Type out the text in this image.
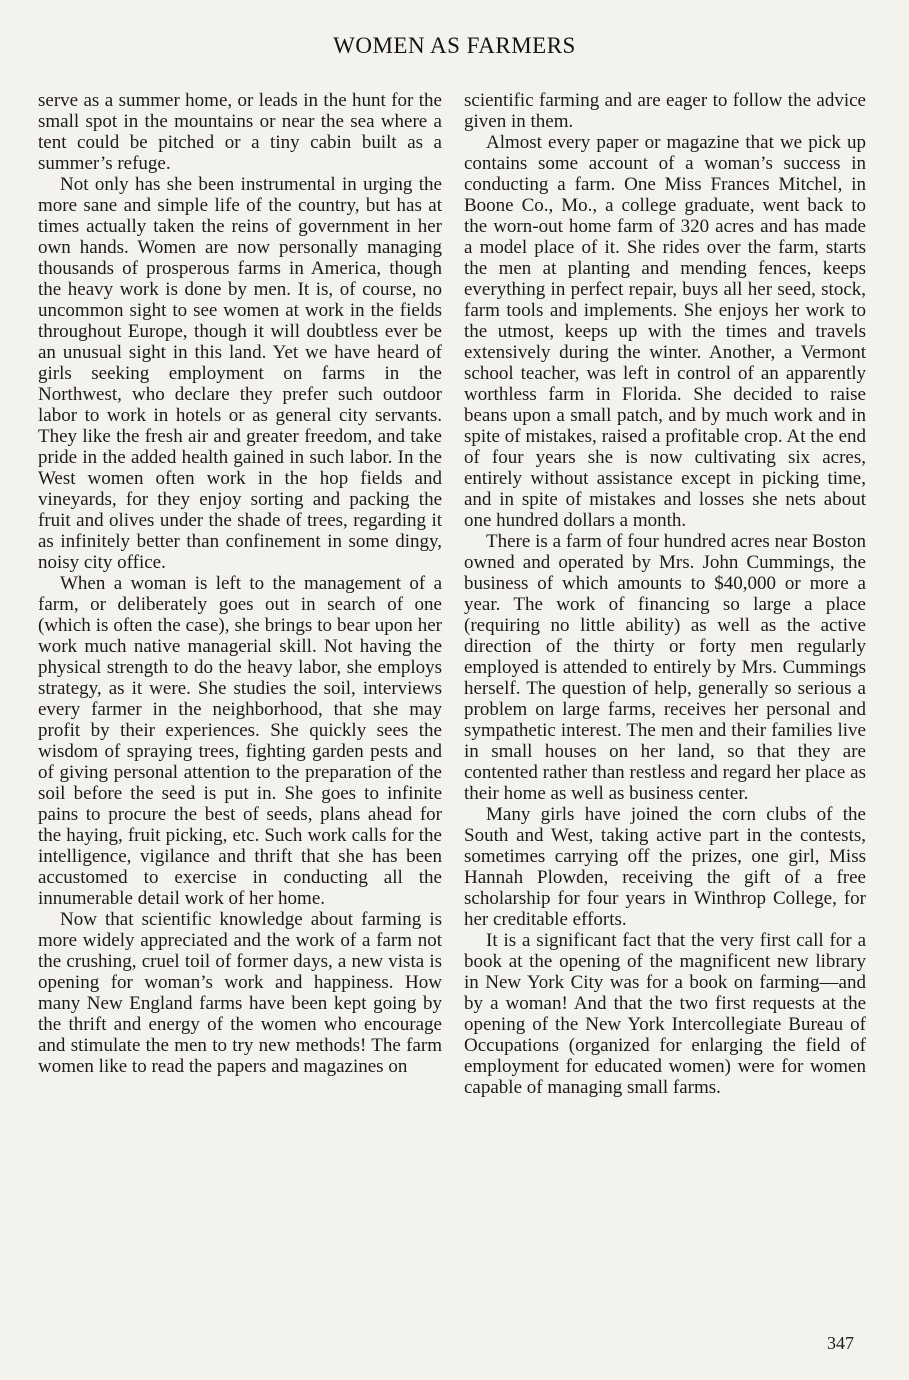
WOMEN AS FARMERS

serve as a summer home, or leads in the hunt for the small spot in the mountains or near the sea where a tent could be pitched or a tiny cabin built as a summer’s refuge.

Not only has she been instrumental in urging the more sane and simple life of the country, but has at times actually taken the reins of government in her own hands. Women are now personally managing thousands of prosperous farms in America, though the heavy work is done by men. It is, of course, no uncommon sight to see women at work in the fields throughout Europe, though it will doubtless ever be an unusual sight in this land. Yet we have heard of girls seeking employment on farms in the Northwest, who declare they prefer such outdoor labor to work in hotels or as general city servants. They like the fresh air and greater freedom, and take pride in the added health gained in such labor. In the West women often work in the hop fields and vineyards, for they enjoy sorting and packing the fruit and olives under the shade of trees, regarding it as infinitely better than confinement in some dingy, noisy city office.

When a woman is left to the management of a farm, or deliberately goes out in search of one (which is often the case), she brings to bear upon her work much native managerial skill. Not having the physical strength to do the heavy labor, she employs strategy, as it were. She studies the soil, interviews every farmer in the neighborhood, that she may profit by their experiences. She quickly sees the wisdom of spraying trees, fighting garden pests and of giving personal attention to the preparation of the soil before the seed is put in. She goes to infinite pains to procure the best of seeds, plans ahead for the haying, fruit picking, etc. Such work calls for the intelligence, vigilance and thrift that she has been accustomed to exercise in conducting all the innumerable detail work of her home.

Now that scientific knowledge about farming is more widely appreciated and the work of a farm not the crushing, cruel toil of former days, a new vista is opening for woman’s work and happiness. How many New England farms have been kept going by the thrift and energy of the women who encourage and stimulate the men to try new methods! The farm women like to read the papers and magazines on

scientific farming and are eager to follow the advice given in them.

Almost every paper or magazine that we pick up contains some account of a woman’s success in conducting a farm. One Miss Frances Mitchel, in Boone Co., Mo., a college graduate, went back to the worn-out home farm of 320 acres and has made a model place of it. She rides over the farm, starts the men at planting and mending fences, keeps everything in perfect repair, buys all her seed, stock, farm tools and implements. She enjoys her work to the utmost, keeps up with the times and travels extensively during the winter. Another, a Vermont school teacher, was left in control of an apparently worthless farm in Florida. She decided to raise beans upon a small patch, and by much work and in spite of mistakes, raised a profitable crop. At the end of four years she is now cultivating six acres, entirely without assistance except in picking time, and in spite of mistakes and losses she nets about one hundred dollars a month.

There is a farm of four hundred acres near Boston owned and operated by Mrs. John Cummings, the business of which amounts to $40,000 or more a year. The work of financing so large a place (requiring no little ability) as well as the active direction of the thirty or forty men regularly employed is attended to entirely by Mrs. Cummings herself. The question of help, generally so serious a problem on large farms, receives her personal and sympathetic interest. The men and their families live in small houses on her land, so that they are contented rather than restless and regard her place as their home as well as business center.

Many girls have joined the corn clubs of the South and West, taking active part in the contests, sometimes carrying off the prizes, one girl, Miss Hannah Plowden, receiving the gift of a free scholarship for four years in Winthrop College, for her creditable efforts.

It is a significant fact that the very first call for a book at the opening of the magnificent new library in New York City was for a book on farming—and by a woman! And that the two first requests at the opening of the New York Intercollegiate Bureau of Occupations (organized for enlarging the field of employment for educated women) were for women capable of managing small farms.

347
